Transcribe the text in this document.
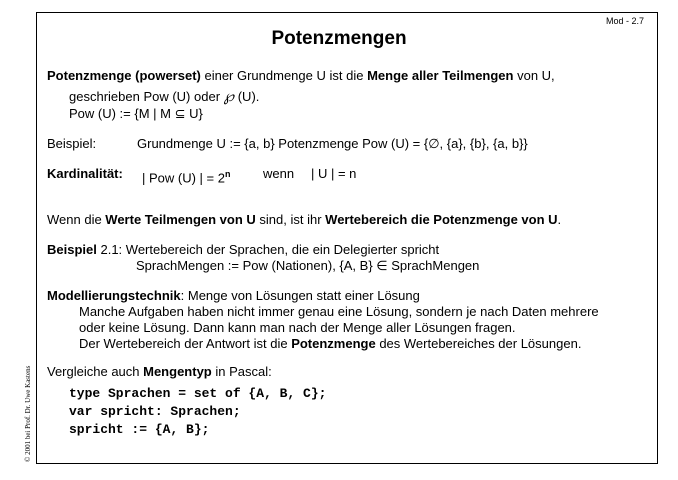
Mod - 2.7
Potenzmengen
Potenzmenge (powerset) einer Grundmenge U ist die Menge aller Teilmengen von U,
geschrieben Pow (U) oder ℘ (U).
Pow (U) := {M | M ⊆ U}
Beispiel:	Grundmenge U := {a, b} Potenzmenge Pow (U) = {∅, {a}, {b}, {a, b}}
Kardinalität: | Pow (U) | = $2^n$	wenn | U | = n
Wenn die Werte Teilmengen von U sind, ist ihr Wertebereich die Potenzmenge von U.
Beispiel 2.1: Wertebereich der Sprachen, die ein Delegierter spricht
SprachMengen := Pow (Nationen), {A, B} ∈ SprachMengen
Modellierungstechnik: Menge von Lösungen statt einer Lösung
Manche Aufgaben haben nicht immer genau eine Lösung, sondern je nach Daten mehrere
oder keine Lösung. Dann kann man nach der Menge aller Lösungen fragen.
Der Wertebereich der Antwort ist die Potenzmenge des Wertebereiches der Lösungen.
Vergleiche auch Mengentyp in Pascal:
type Sprachen = set of {A, B, C};
var spricht: Sprachen;
spricht := {A, B};
© 2001 bei Prof. Dr. Uwe Kastens
